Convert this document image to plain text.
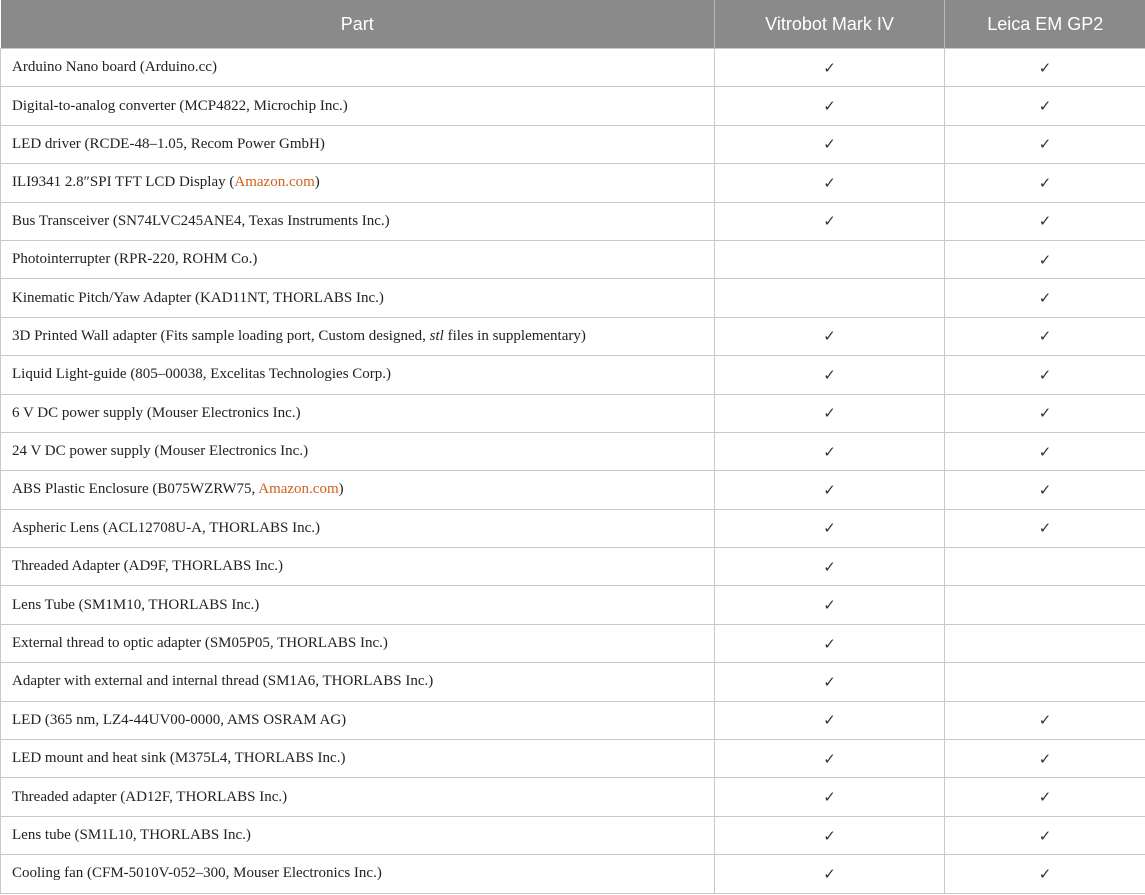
Part	Vitrobot Mark IV	Leica EM GP2
Arduino Nano board (Arduino.cc)	✓	✓
Digital-to-analog converter (MCP4822, Microchip Inc.)	✓	✓
LED driver (RCDE-48–1.05, Recom Power GmbH)	✓	✓
ILI9341 2.8″SPI TFT LCD Display (Amazon.com)	✓	✓
Bus Transceiver (SN74LVC245ANE4, Texas Instruments Inc.)	✓	✓
Photointerrupter (RPR-220, ROHM Co.)		✓
Kinematic Pitch/Yaw Adapter (KAD11NT, THORLABS Inc.)		✓
3D Printed Wall adapter (Fits sample loading port, Custom designed, stl files in supplementary)	✓	✓
Liquid Light-guide (805–00038, Excelitas Technologies Corp.)	✓	✓
6 V DC power supply (Mouser Electronics Inc.)	✓	✓
24 V DC power supply (Mouser Electronics Inc.)	✓	✓
ABS Plastic Enclosure (B075WZRW75, Amazon.com)	✓	✓
Aspheric Lens (ACL12708U-A, THORLABS Inc.)	✓	✓
Threaded Adapter (AD9F, THORLABS Inc.)	✓	
Lens Tube (SM1M10, THORLABS Inc.)	✓	
External thread to optic adapter (SM05P05, THORLABS Inc.)	✓	
Adapter with external and internal thread (SM1A6, THORLABS Inc.)	✓	
LED (365 nm, LZ4-44UV00-0000, AMS OSRAM AG)	✓	✓
LED mount and heat sink (M375L4, THORLABS Inc.)	✓	✓
Threaded adapter (AD12F, THORLABS Inc.)	✓	✓
Lens tube (SM1L10, THORLABS Inc.)	✓	✓
Cooling fan (CFM-5010V-052–300, Mouser Electronics Inc.)	✓	✓
